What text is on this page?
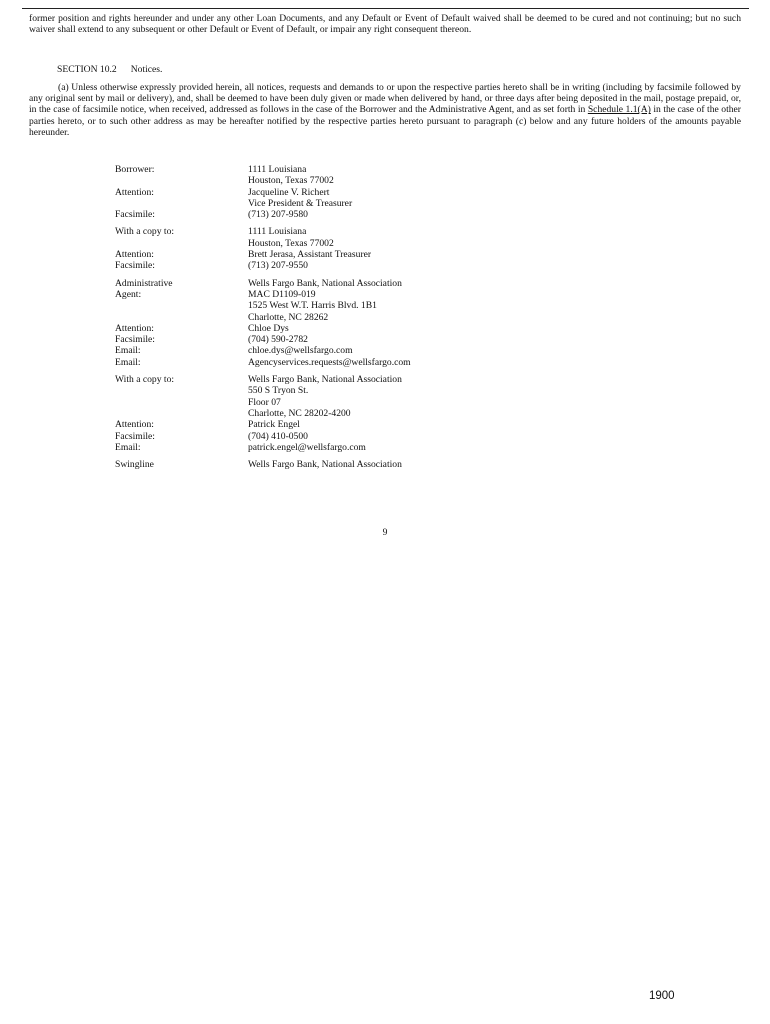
former position and rights hereunder and under any other Loan Documents, and any Default or Event of Default waived shall be deemed to be cured and not continuing; but no such waiver shall extend to any subsequent or other Default or Event of Default, or impair any right consequent thereon.
SECTION 10.2 Notices.
(a) Unless otherwise expressly provided herein, all notices, requests and demands to or upon the respective parties hereto shall be in writing (including by facsimile followed by any original sent by mail or delivery), and, shall be deemed to have been duly given or made when delivered by hand, or three days after being deposited in the mail, postage prepaid, or, in the case of facsimile notice, when received, addressed as follows in the case of the Borrower and the Administrative Agent, and as set forth in Schedule 1.1(A) in the case of the other parties hereto, or to such other address as may be hereafter notified by the respective parties hereto pursuant to paragraph (c) below and any future holders of the amounts payable hereunder.
Borrower:	1111 Louisiana
Houston, Texas 77002
Attention:	Jacqueline V. Richert
Vice President & Treasurer
Facsimile:	(713) 207-9580
With a copy to:	1111 Louisiana
Houston, Texas 77002
Attention:	Brett Jerasa, Assistant Treasurer
Facsimile:	(713) 207-9550
Administrative	Wells Fargo Bank, National Association
Agent:	MAC D1109-019
1525 West W.T. Harris Blvd. 1B1
Charlotte, NC 28262
Attention:	Chloe Dys
Facsimile:	(704) 590-2782
Email:	chloe.dys@wellsfargo.com
Email:	Agencyservices.requests@wellsfargo.com
With a copy to:	Wells Fargo Bank, National Association
550 S Tryon St.
Floor 07
Charlotte, NC 28202-4200
Attention:	Patrick Engel
Facsimile:	(704) 410-0500
Email:	patrick.engel@wellsfargo.com
Swingline	Wells Fargo Bank, National Association
9
1900
